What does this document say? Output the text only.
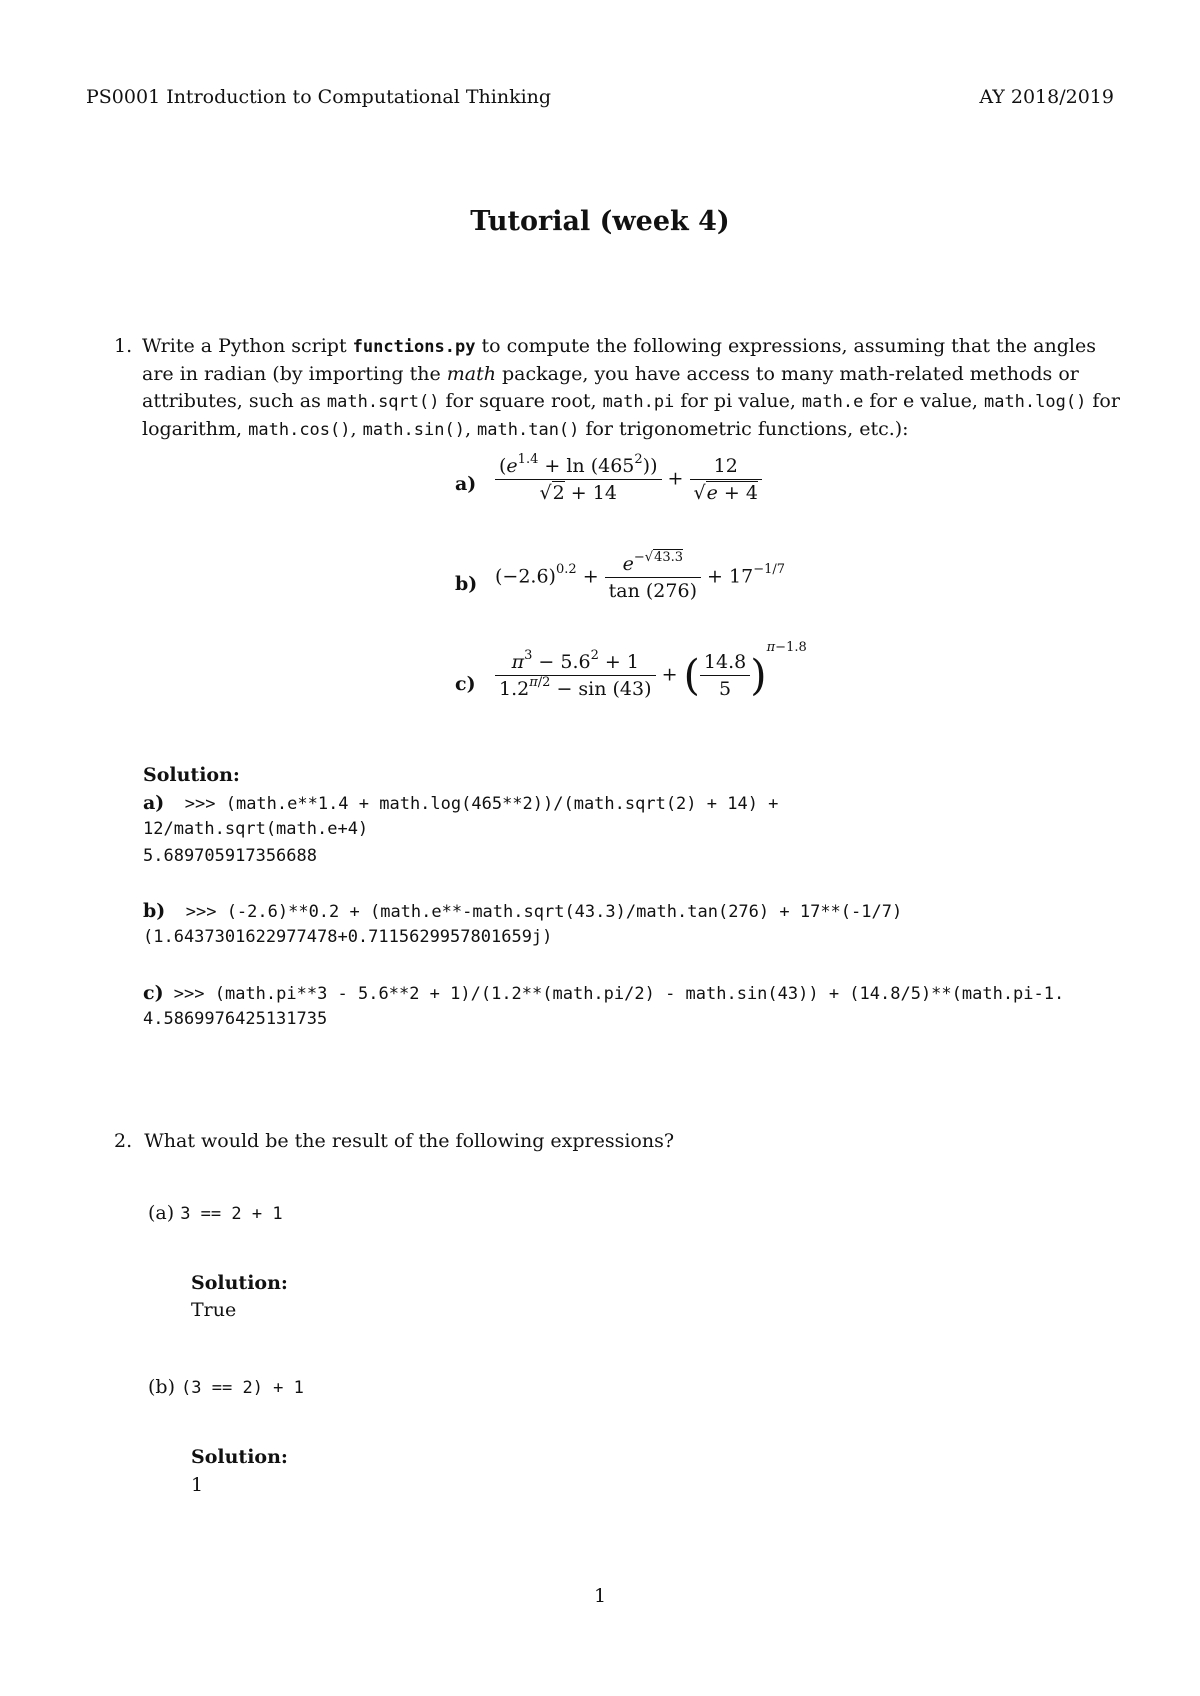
PS0001 Introduction to Computational Thinking	AY 2018/2019
Tutorial (week 4)
1. Write a Python script functions.py to compute the following expressions, assuming that the angles are in radian (by importing the math package, you have access to many math-related methods or attributes, such as math.sqrt() for square root, math.pi for pi value, math.e for e value, math.log() for logarithm, math.cos(), math.sin(), math.tan() for trigonometric functions, etc.):
$a) \frac{(e^{1.4} + \ln (465^2))}{√2 + 14} + \frac{12}{√e + 4}$
b) $(-2.6)^{0.2} + \frac{e^{-√43.3}}{\tan (276)} + 17^{-1/7}$
$c) \frac{\pi^3 - 5.6^2 + 1}{1.2^{\pi/2} - \sin (43)}$ + ( $\frac{14.8}{5} )^{\pi-1.8}$
Solution:
a)  >>> (math.e**1.4 + math.log(465**2))/(math.sqrt(2) + 14) +
12/math.sqrt(math.e+4)
5.689705917356688
b)  >>> (-2.6)**0.2 + (math.e**-math.sqrt(43.3)/math.tan(276) + 17**(-1/7)
(1.6437301622977478+0.7115629957801659j)
c) >>> (math.pi**3 - 5.6**2 + 1)/(1.2**(math.pi/2) - math.sin(43)) + (14.8/5)**(math.pi-1.
4.5869976425131735
2. What would be the result of the following expressions?
(a) 3 == 2 + 1
Solution:
True
(b) (3 == 2) + 1
Solution:
1
1
